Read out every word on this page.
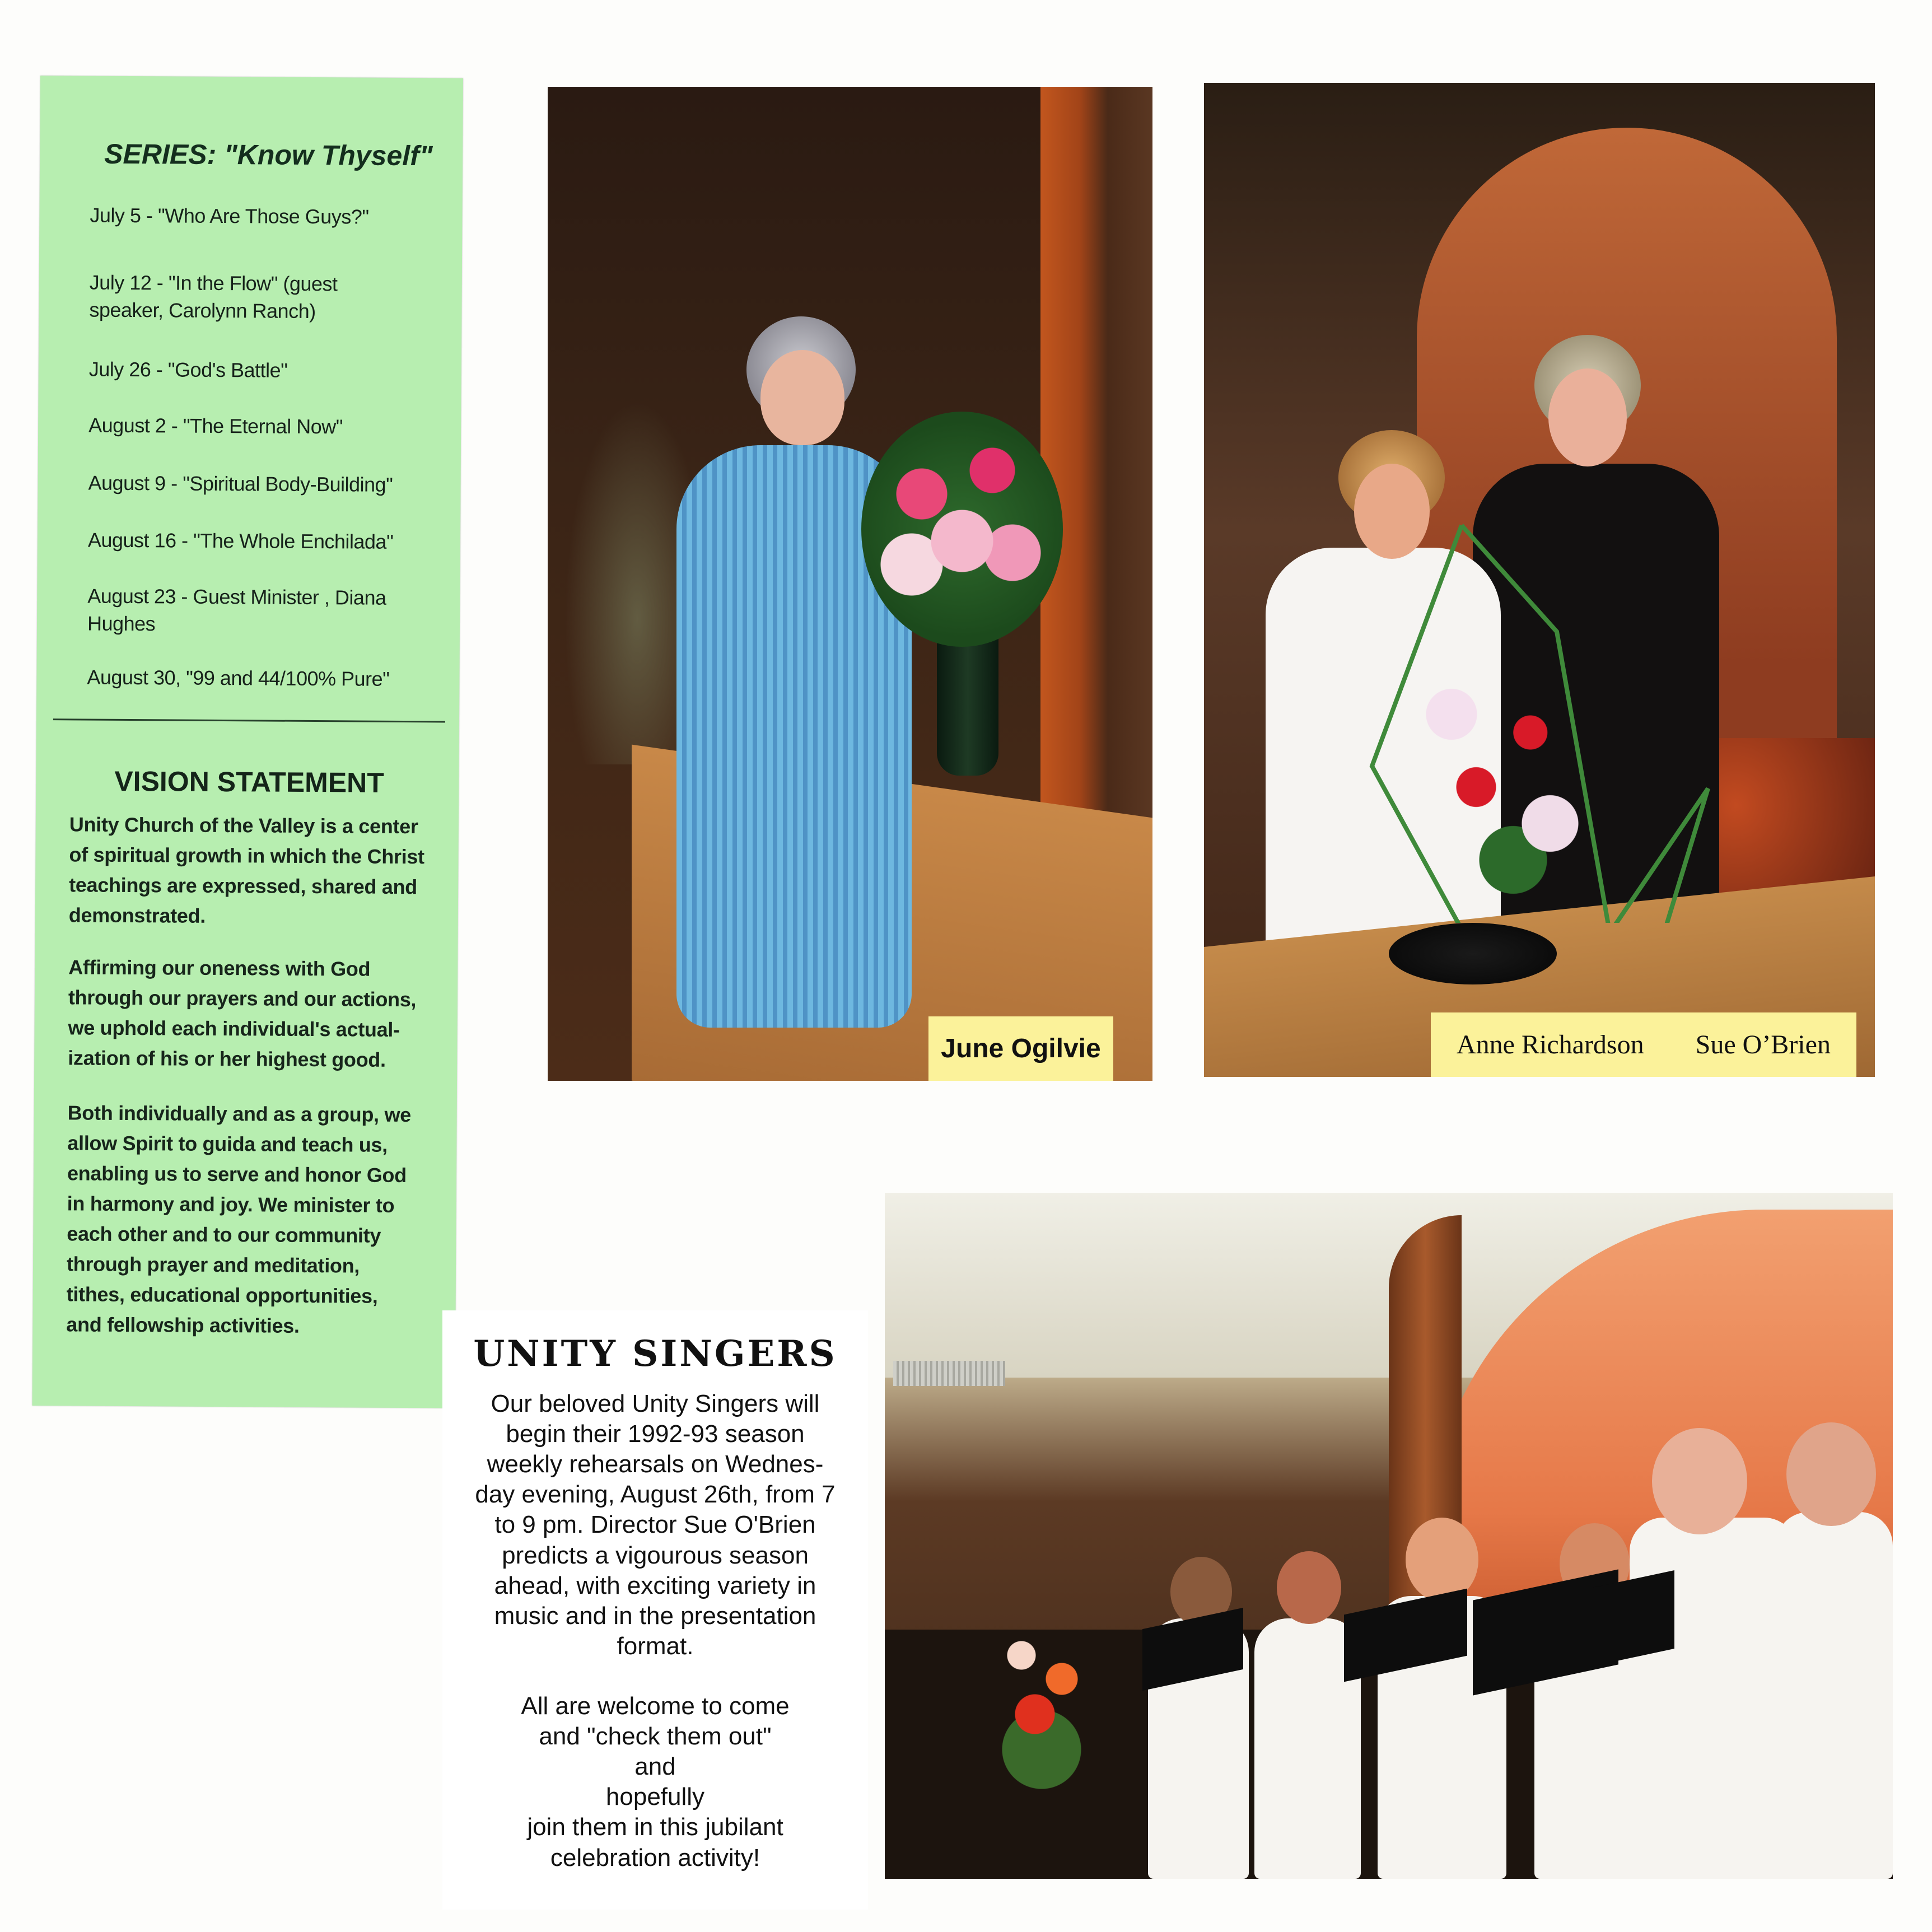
SERIES: "Know Thyself"
July 5 - "Who Are Those Guys?"
July 12 - "In the Flow" (guest
speaker, Carolynn Ranch)
July 26 - "God's Battle"
August 2 - "The Eternal Now"
August 9 - "Spiritual Body-Building"
August 16 - "The Whole Enchilada"
August 23 - Guest Minister , Diana
Hughes
August 30, "99 and 44/100% Pure"
VISION STATEMENT
Unity Church of the Valley is a center
of spiritual growth in which the Christ
teachings are expressed, shared and
demonstrated.
Affirming our oneness with God
through our prayers and our actions,
we uphold each individual's actual-
ization of his or her highest good.
Both individually and as a group, we
allow Spirit to guida and teach us,
enabling us to serve and honor God
in harmony and joy. We minister to
each other and to our community
through prayer and meditation,
tithes, educational opportunities,
and fellowship activities.
June Ogilvie	Anne Richardson Sue O’Brien
UNITY SINGERS
Our beloved Unity Singers will
begin their 1992-93 season
weekly rehearsals on Wednes-
day evening, August 26th, from 7
to 9 pm. Director Sue O'Brien
predicts a vigourous season
ahead, with exciting variety in
music and in the presentation
format.
All are welcome to come
and "check them out"
and
hopefully
join them in this jubilant
celebration activity!
